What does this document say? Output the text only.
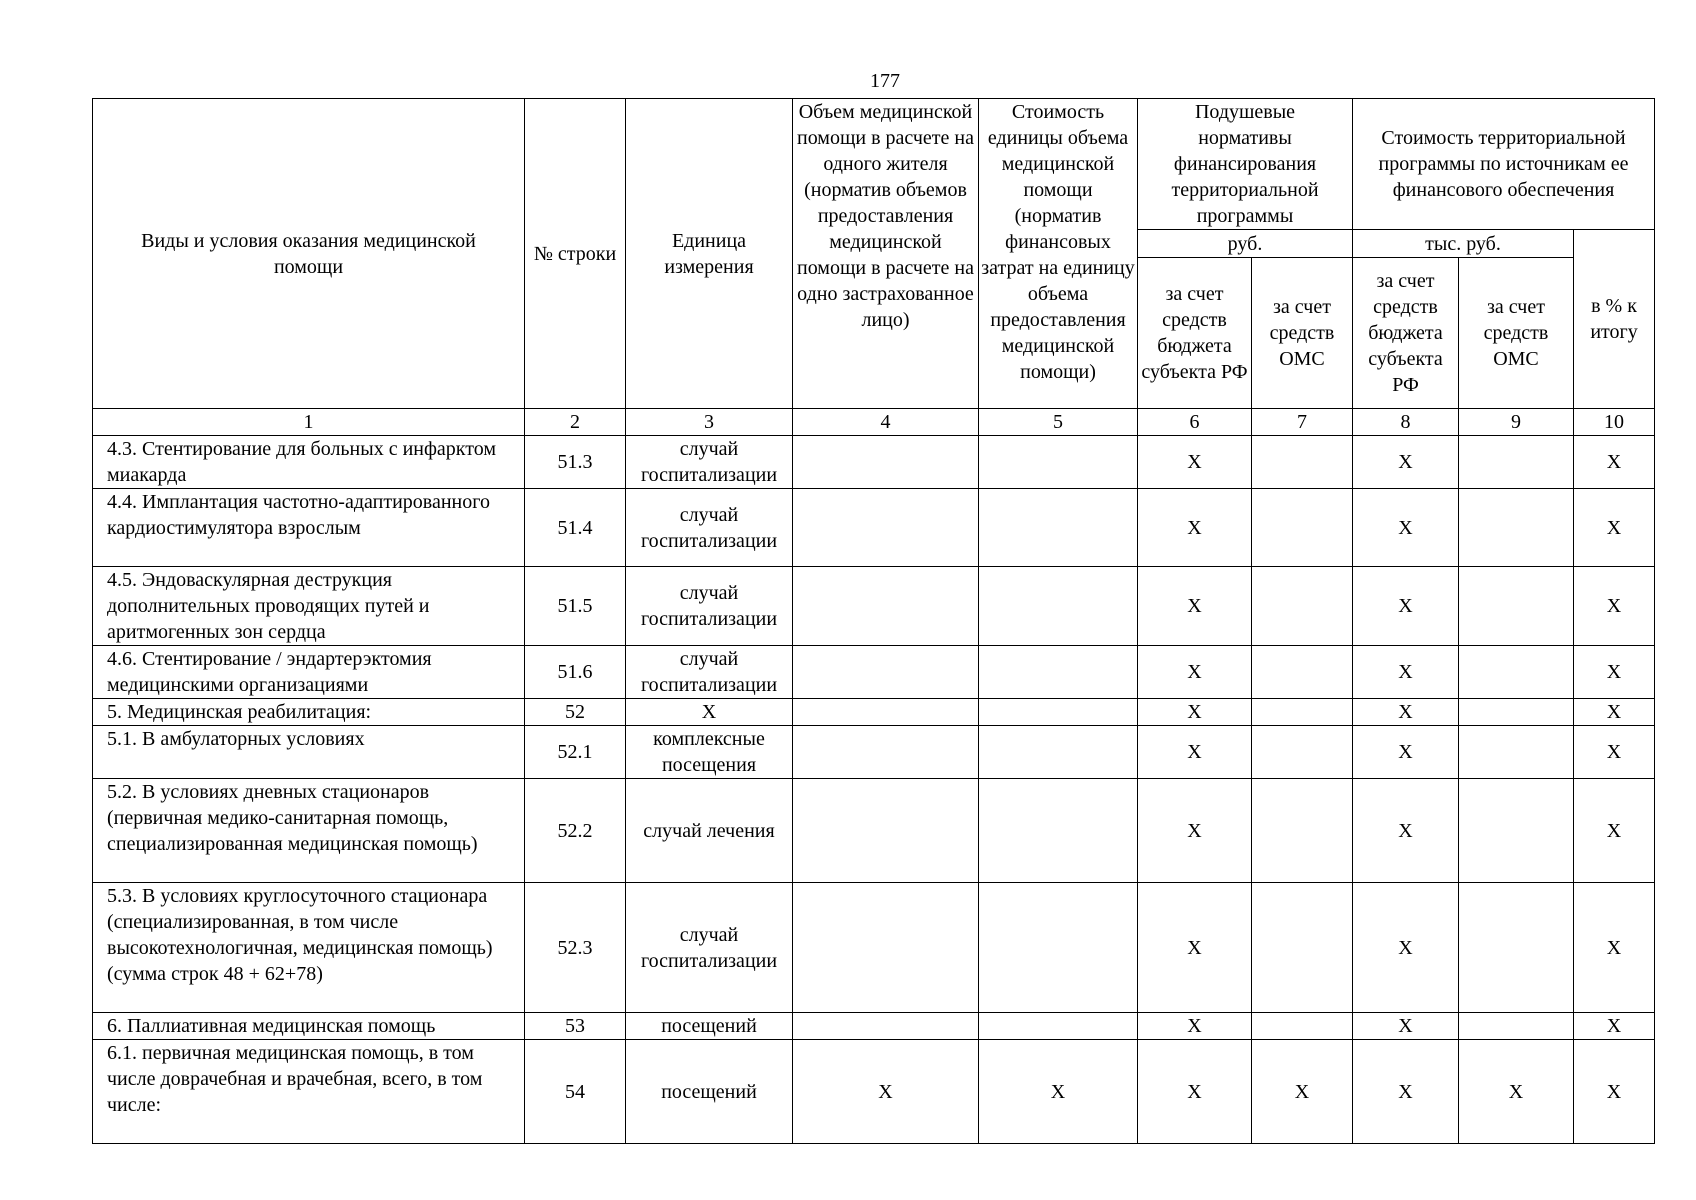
177
Виды и условия оказания медицинской помощи	№ строки	Единица измерения	Объем медицинской помощи в расчете на одного жителя (норматив объемов предоставления медицинской помощи в расчете на одно застрахованное лицо)	Стоимость единицы объема медицинской помощи (норматив финансовых затрат на единицу объема предоставления медицинской помощи)	Подушевые нормативы финансирования территориальной программы		Стоимость территориальной программы по источникам ее финансового обеспечения		
					руб.		тыс. руб.		в % к итогу
					за счет средств бюджета субъекта РФ	за счет средств ОМС	за счет средств бюджета субъекта РФ	за счет средств ОМС	
1	2	3	4	5	6	7	8	9	10
4.3. Стентирование для больных с инфарктом миакарда	51.3	случай госпитализации			Х		Х		Х
4.4. Имплантация частотно-адаптированного кардиостимулятора взрослым	51.4	случай госпитализации			Х		Х		Х
4.5. Эндоваскулярная деструкция дополнительных проводящих путей и аритмогенных зон сердца	51.5	случай госпитализации			Х		Х		Х
4.6. Стентирование / эндартерэктомия медицинскими организациями	51.6	случай госпитализации			Х		Х		Х
5. Медицинская реабилитация:	52	Х			Х		Х		Х
5.1. В амбулаторных условиях	52.1	комплексные посещения			Х		Х		Х
5.2. В условиях дневных стационаров (первичная медико-санитарная помощь, специализированная медицинская помощь)	52.2	случай лечения			Х		Х		Х
5.3. В условиях круглосуточного стационара (специализированная, в том числе высокотехнологичная, медицинская помощь) (сумма строк 48 + 62+78)	52.3	случай госпитализации			Х		Х		Х
6. Паллиативная медицинская помощь	53	посещений			Х		Х		Х
6.1. первичная медицинская помощь, в том числе доврачебная и врачебная, всего, в том числе:	54	посещений	Х	Х	Х	Х	Х	Х	Х
